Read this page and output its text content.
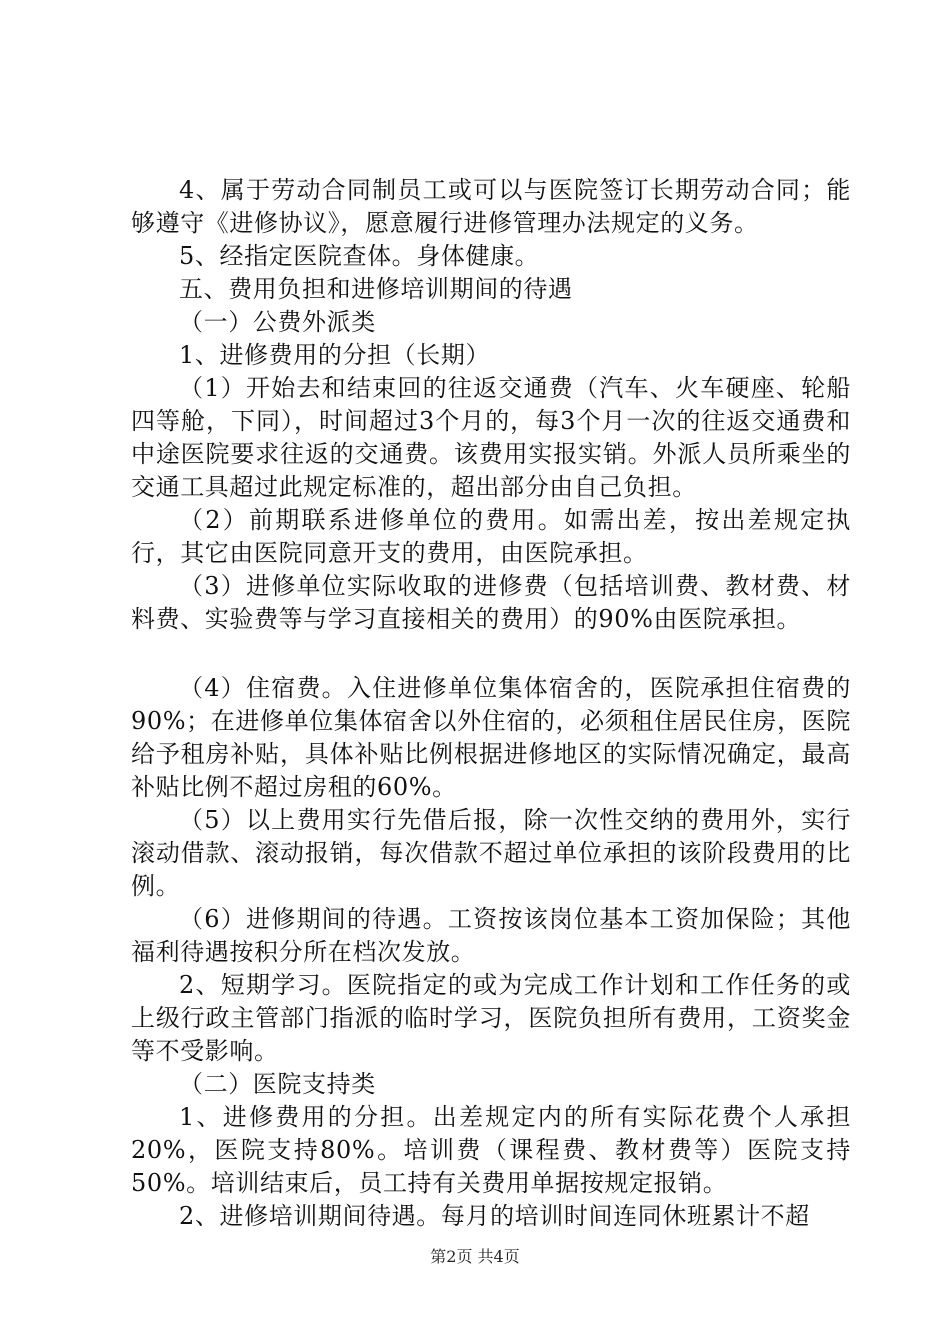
4、属于劳动合同制员工或可以与医院签订长期劳动合同；能够遵守《进修协议》，愿意履行进修管理办法规定的义务。

5、经指定医院查体。身体健康。

五、费用负担和进修培训期间的待遇

（一）公费外派类

1、进修费用的分担（长期）

（1）开始去和结束回的往返交通费（汽车、火车硬座、轮船四等舱，下同），时间超过3个月的，每3个月一次的往返交通费和中途医院要求往返的交通费。该费用实报实销。外派人员所乘坐的交通工具超过此规定标准的，超出部分由自己负担。

（2）前期联系进修单位的费用。如需出差，按出差规定执行，其它由医院同意开支的费用，由医院承担。

（3）进修单位实际收取的进修费（包括培训费、教材费、材料费、实验费等与学习直接相关的费用）的90%由医院承担。

（4）住宿费。入住进修单位集体宿舍的，医院承担住宿费的90%；在进修单位集体宿舍以外住宿的，必须租住居民住房，医院给予租房补贴，具体补贴比例根据进修地区的实际情况确定，最高补贴比例不超过房租的60%。

（5）以上费用实行先借后报，除一次性交纳的费用外，实行滚动借款、滚动报销，每次借款不超过单位承担的该阶段费用的比例。

（6）进修期间的待遇。工资按该岗位基本工资加保险；其他福利待遇按积分所在档次发放。

2、短期学习。医院指定的或为完成工作计划和工作任务的或上级行政主管部门指派的临时学习，医院负担所有费用，工资奖金等不受影响。

（二）医院支持类

1、进修费用的分担。出差规定内的所有实际花费个人承担20%，医院支持80%。培训费（课程费、教材费等）医院支持50%。培训结束后，员工持有关费用单据按规定报销。

2、进修培训期间待遇。每月的培训时间连同休班累计不超

第2页 共4页
